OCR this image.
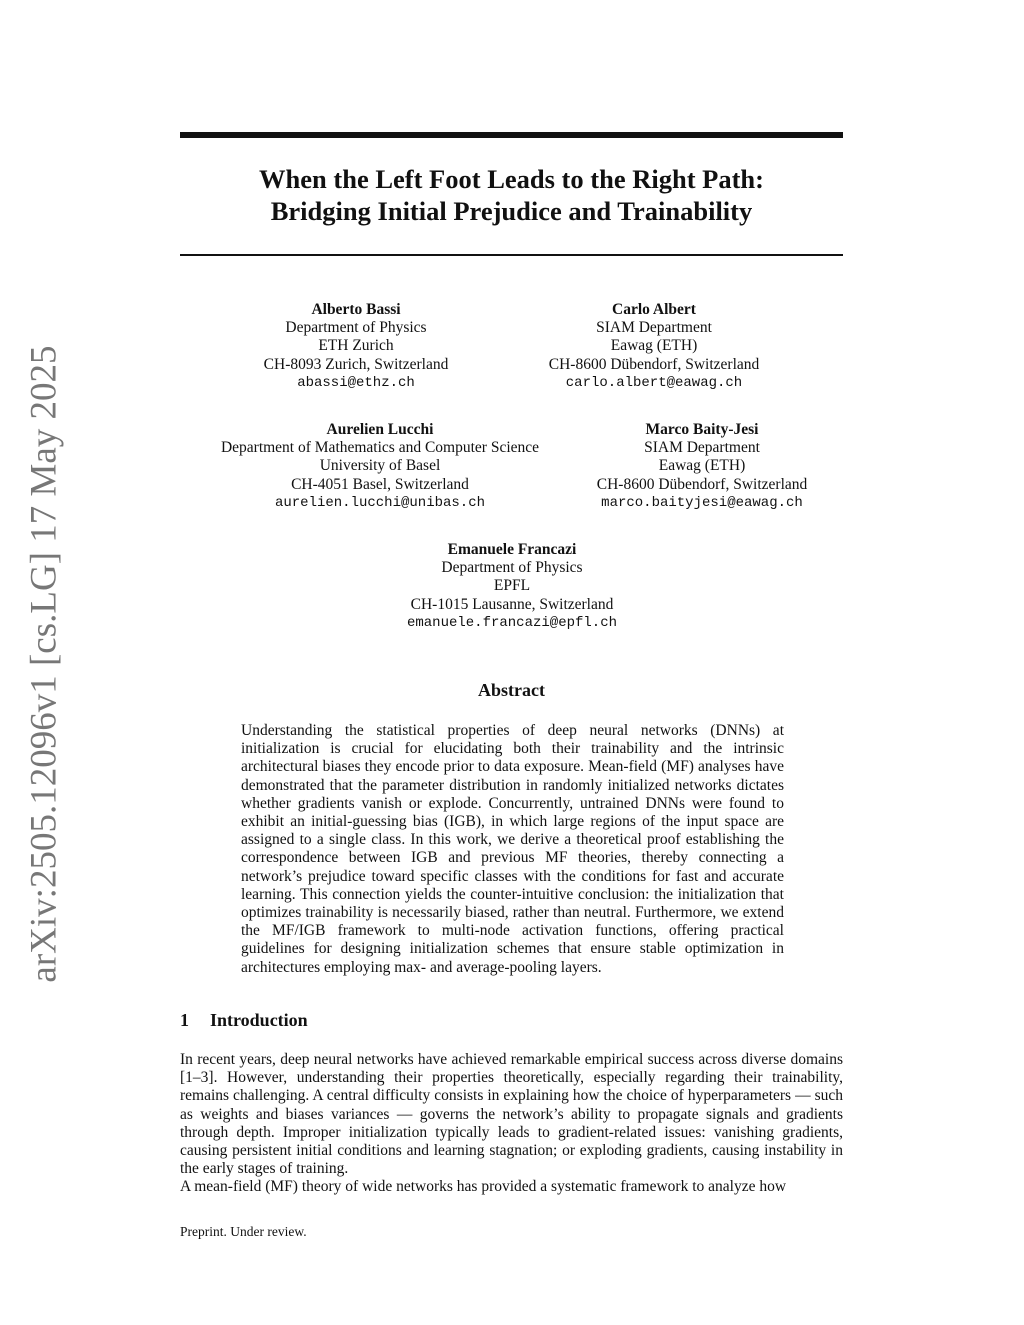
arXiv:2505.12096v1 [cs.LG] 17 May 2025
When the Left Foot Leads to the Right Path:
Bridging Initial Prejudice and Trainability
Alberto Bassi
Department of Physics
ETH Zurich
CH-8093 Zurich, Switzerland
abassi@ethz.ch
Carlo Albert
SIAM Department
Eawag (ETH)
CH-8600 Dübendorf, Switzerland
carlo.albert@eawag.ch
Aurelien Lucchi
Department of Mathematics and Computer Science
University of Basel
CH-4051 Basel, Switzerland
aurelien.lucchi@unibas.ch
Marco Baity-Jesi
SIAM Department
Eawag (ETH)
CH-8600 Dübendorf, Switzerland
marco.baityjesi@eawag.ch
Emanuele Francazi
Department of Physics
EPFL
CH-1015 Lausanne, Switzerland
emanuele.francazi@epfl.ch
Abstract

Understanding the statistical properties of deep neural networks (DNNs) at initialization is crucial for elucidating both their trainability and the intrinsic architectural biases they encode prior to data exposure. Mean-field (MF) analyses have demonstrated that the parameter distribution in randomly initialized networks dictates whether gradients vanish or explode. Concurrently, untrained DNNs were found to exhibit an initial-guessing bias (IGB), in which large regions of the input space are assigned to a single class. In this work, we derive a theoretical proof establishing the correspondence between IGB and previous MF theories, thereby connecting a network’s prejudice toward specific classes with the conditions for fast and accurate learning. This connection yields the counter-intuitive conclusion: the initialization that optimizes trainability is necessarily biased, rather than neutral. Furthermore, we extend the MF/IGB framework to multi-node activation functions, offering practical guidelines for designing initialization schemes that ensure stable optimization in architectures employing max- and average-pooling layers.

1 Introduction

In recent years, deep neural networks have achieved remarkable empirical success across diverse domains [1–3]. However, understanding their properties theoretically, especially regarding their trainability, remains challenging. A central difficulty consists in explaining how the choice of hyperparameters — such as weights and biases variances — governs the network’s ability to propagate signals and gradients through depth. Improper initialization typically leads to gradient-related issues: vanishing gradients, causing persistent initial conditions and learning stagnation; or exploding gradients, causing instability in the early stages of training.

A mean-field (MF) theory of wide networks has provided a systematic framework to analyze how

Preprint. Under review.
